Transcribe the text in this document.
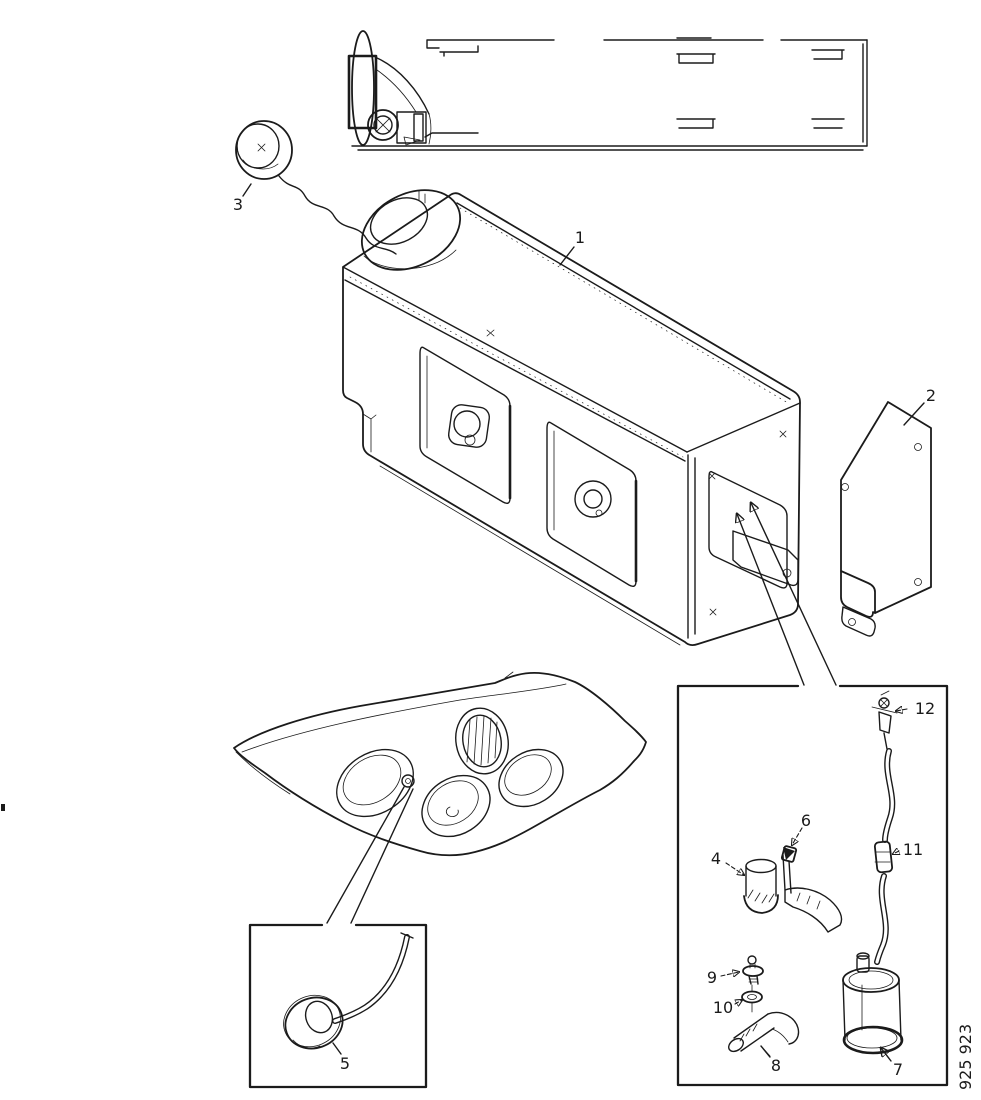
1
2
3
4
5
6
7
8
9
10
11
12
925 923
